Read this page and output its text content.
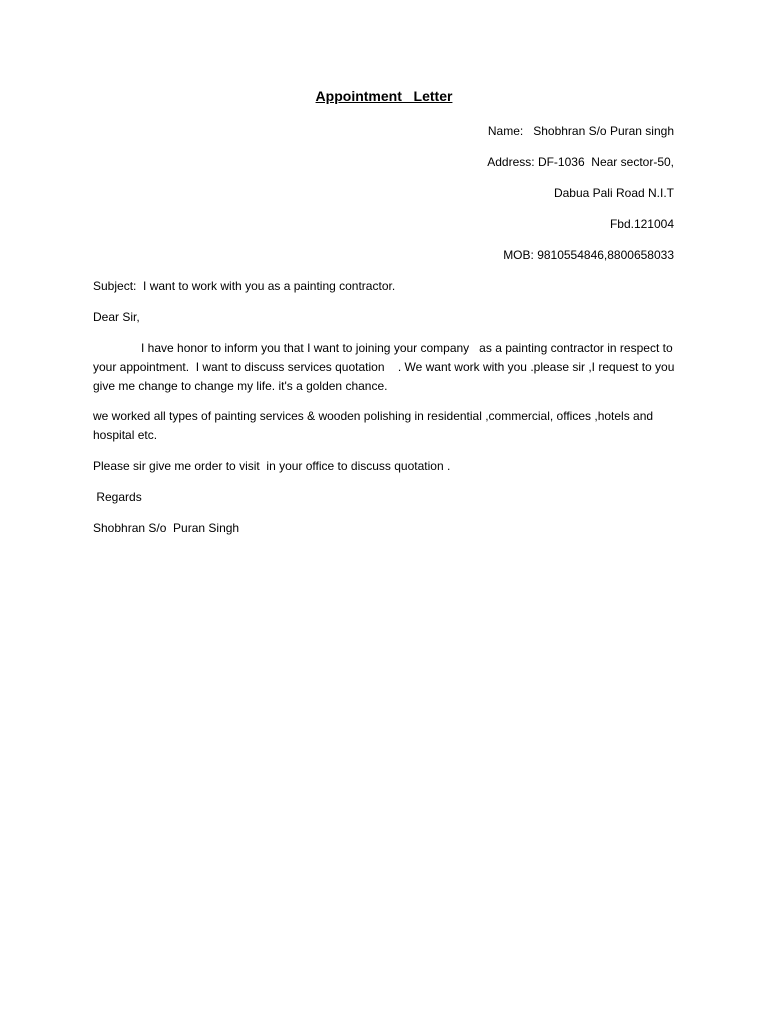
Appointment   Letter
Name:   Shobhran S/o Puran singh
Address: DF-1036  Near sector-50,
Dabua Pali Road N.I.T
Fbd.121004
MOB: 9810554846,8800658033
Subject:  I want to work with you as a painting contractor.
Dear Sir,
I have honor to inform you that I want to joining your company   as a painting contractor in respect to your appointment.  I want to discuss services quotation    . We want work with you .please sir ,I request to you give me change to change my life. it's a golden chance.
we worked all types of painting services & wooden polishing in residential ,commercial, offices ,hotels and hospital etc.
Please sir give me order to visit  in your office to discuss quotation .
Regards
Shobhran S/o  Puran Singh
